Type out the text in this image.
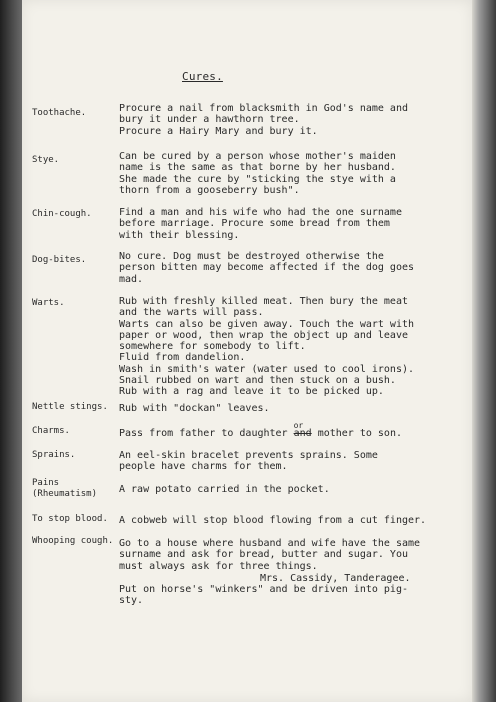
Cures.
Toothache.	Procure a nail from blacksmith in God's name and
bury it under a hawthorn tree.
Procure a Hairy Mary and bury it.
Stye.	Can be cured by a person whose mother's maiden
name is the same as that borne by her husband.
She made the cure by "sticking the stye with a
thorn from a gooseberry bush".
Chin-cough.	Find a man and his wife who had the one surname
before marriage. Procure some bread from them
with their blessing.
Dog-bites.	No cure. Dog must be destroyed otherwise the
person bitten may become affected if the dog goes
mad.
Warts.	Rub with freshly killed meat. Then bury the meat
and the warts will pass.
Warts can also be given away. Touch the wart with
paper or wood, then wrap the object up and leave
somewhere for somebody to lift.
Fluid from dandelion.
Wash in smith's water (water used to cool irons).
Snail rubbed on wart and then stuck on a bush.
Rub with a rag and leave it to be picked up.
Nettle stings. Rub with "dockan" leaves.
Charms.	Pass from father to daughter
or
and mother to son.
Sprains.	An eel-skin bracelet prevents sprains. Some
people have charms for them.
Pains
(Rheumatism) A raw potato carried in the pocket.
To stop blood. A cobweb will stop blood flowing from a cut finger.
Whooping cough. Go to a house where husband and wife have the same
surname and ask for bread, butter and sugar. You
must always ask for three things.
Mrs. Cassidy, Tanderagee.
Put on horse's "winkers" and be driven into pig-
sty.
